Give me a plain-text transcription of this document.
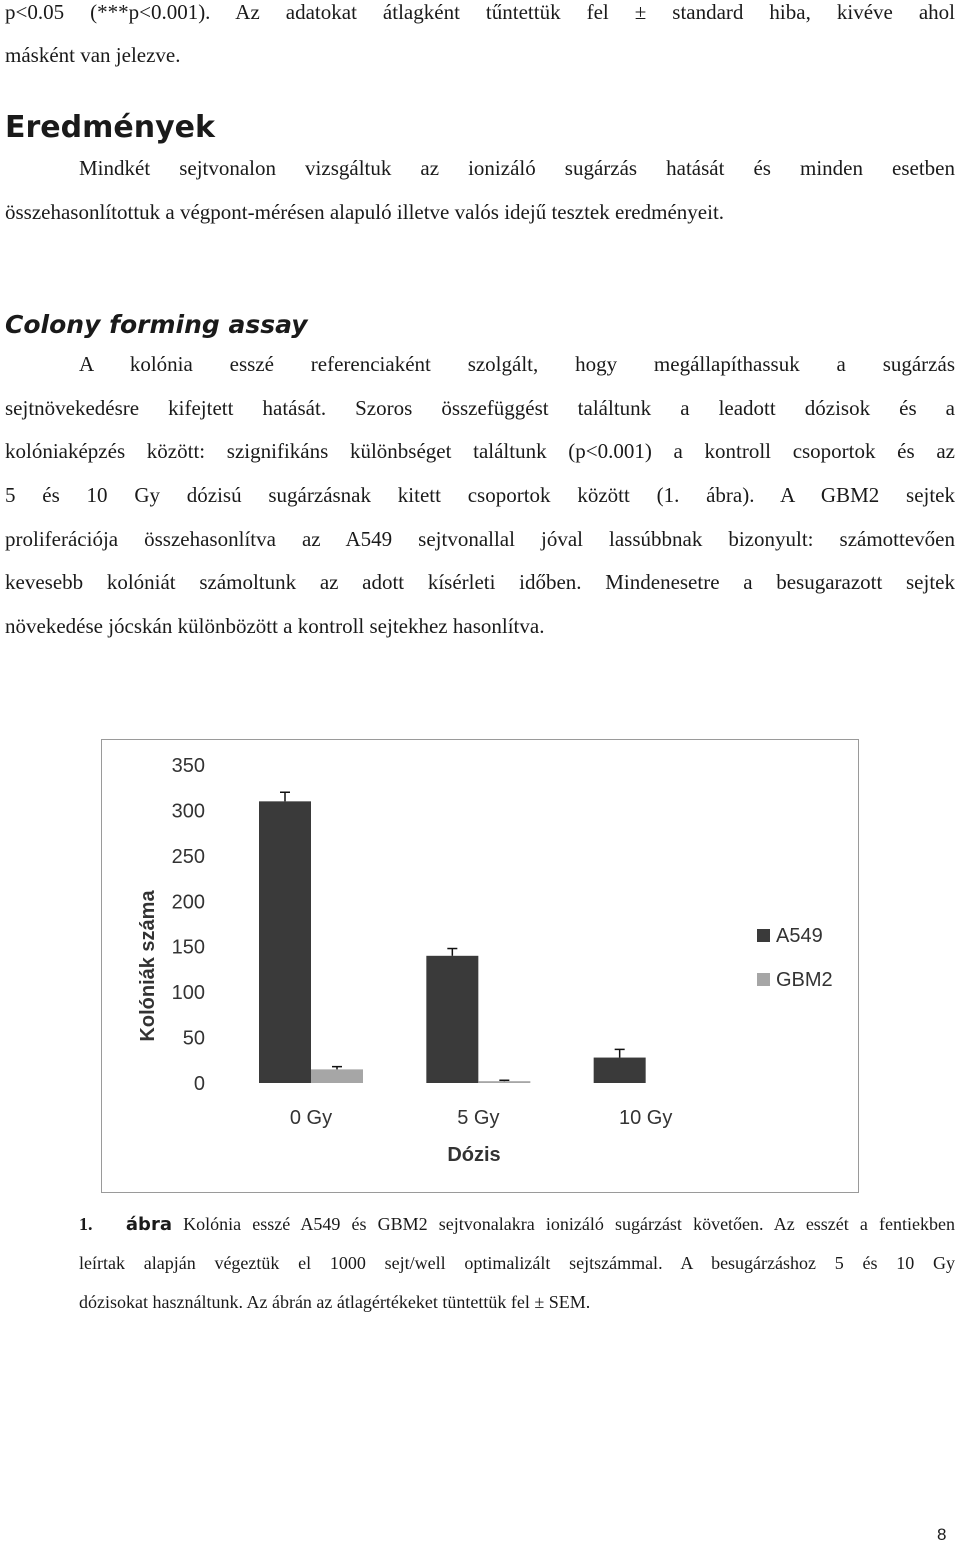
p<0.05 (***p<0.001). Az adatokat átlagként tűntettük fel ± standard hiba, kivéve ahol
másként van jelezve.
Eredmények
Mindkét sejtvonalon vizsgáltuk az ionizáló sugárzás hatását és minden esetben
összehasonlítottuk a végpont-mérésen alapuló illetve valós idejű tesztek eredményeit.
Colony forming assay
A kolónia esszé referenciaként szolgált, hogy megállapíthassuk a sugárzás
sejtnövekedésre kifejtett hatását. Szoros összefüggést találtunk a leadott dózisok és a
kolóniaképzés között: szignifikáns különbséget találtunk (p<0.001) a kontroll csoportok és az
5 és 10 Gy dózisú sugárzásnak kitett csoportok között (1. ábra). A GBM2 sejtek
proliferációja összehasonlítva az A549 sejtvonallal jóval lassúbbnak bizonyult: számottevően
kevesebb kolóniát számoltunk az adott kísérleti időben. Mindenesetre a besugarazott sejtek
növekedése jócskán különbözött a kontroll sejtekhez hasonlítva.
0
50
100
150
200
250
300
350
0 Gy	5 Gy	10 Gy
Dózis
Kolóniák száma	A549
GBM2
1. ábra Kolónia esszé A549 és GBM2 sejtvonalakra ionizáló sugárzást követően. Az esszét a fentiekben
leírtak alapján végeztük el 1000 sejt/well optimalizált sejtszámmal. A besugárzáshoz 5 és 10 Gy
dózisokat használtunk. Az ábrán az átlagértékeket tüntettük fel ± SEM.
8
